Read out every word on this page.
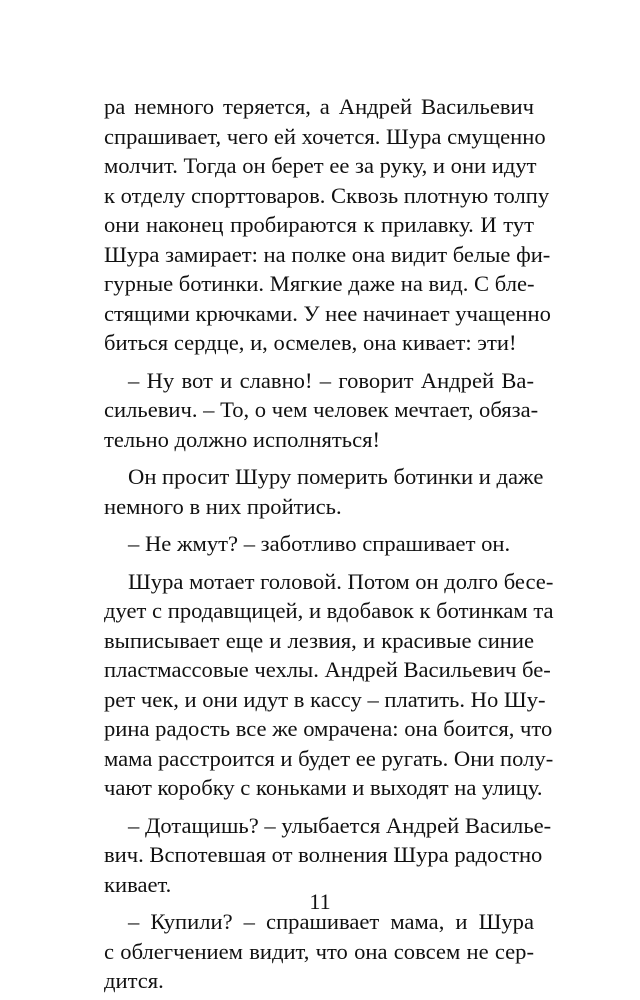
ра немного теряется, а Андрей Васильевич
спрашивает, чего ей хочется. Шура смущенно
молчит. Тогда он берет ее за руку, и они идут
к отделу спорттоваров. Сквозь плотную толпу
они наконец пробираются к прилавку. И тут
Шура замирает: на полке она видит белые фи-
гурные ботинки. Мягкие даже на вид. С бле-
стящими крючками. У нее начинает учащенно
биться сердце, и, осмелев, она кивает: эти!
– Ну вот и славно! – говорит Андрей Ва-
сильевич. – То, о чем человек мечтает, обяза-
тельно должно исполняться!
Он просит Шуру померить ботинки и даже
немного в них пройтись.
– Не жмут? – заботливо спрашивает он.
Шура мотает головой. Потом он долго бесе-
дует с продавщицей, и вдобавок к ботинкам та
выписывает еще и лезвия, и красивые синие
пластмассовые чехлы. Андрей Васильевич бе-
рет чек, и они идут в кассу – платить. Но Шу-
рина радость все же омрачена: она боится, что
мама расстроится и будет ее ругать. Они полу-
чают коробку с коньками и выходят на улицу.
– Дотащишь? – улыбается Андрей Василье-
вич. Вспотевшая от волнения Шура радостно
кивает.
– Купили? – спрашивает мама, и Шура
с облегчением видит, что она совсем не сер-
дится.
11
